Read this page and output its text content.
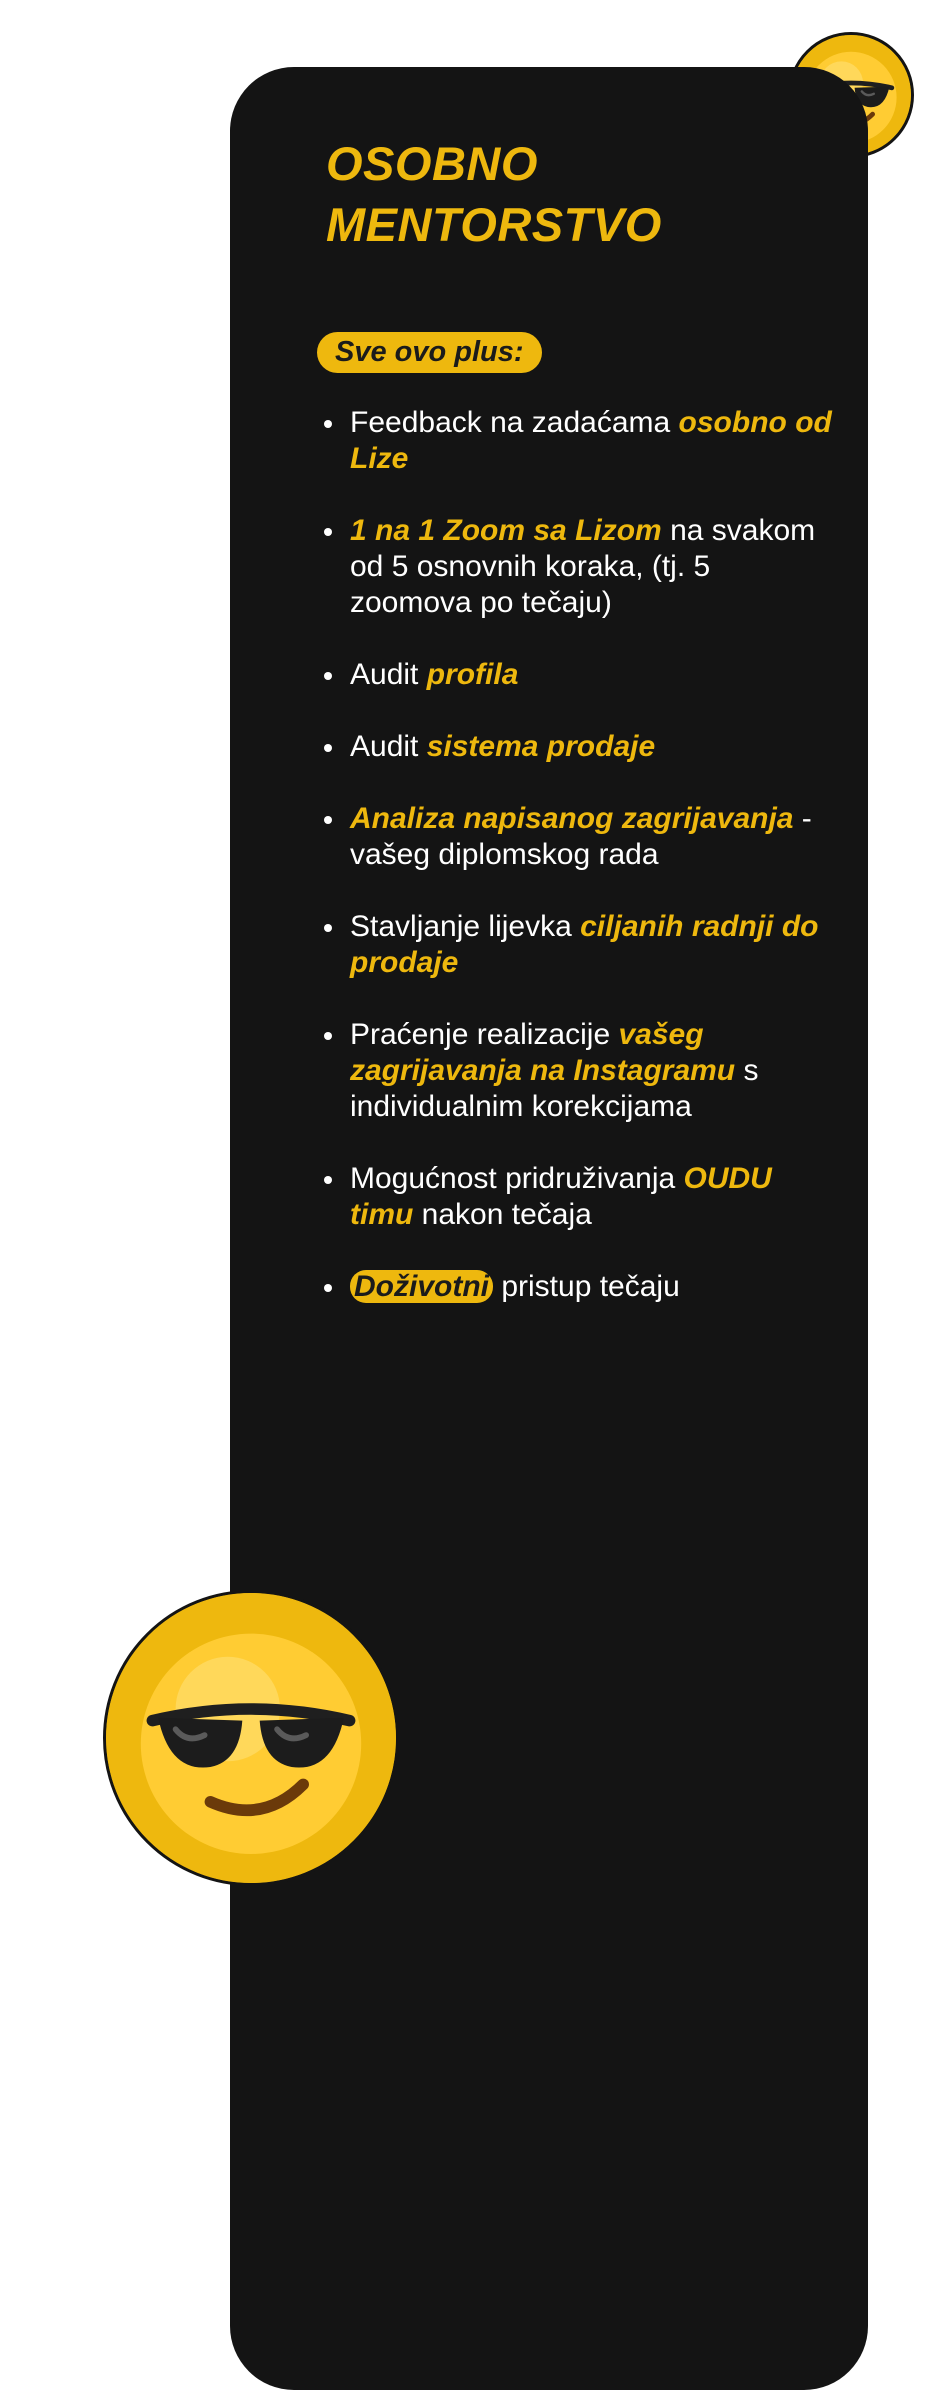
OSOBNO
MENTORSTVO
Sve ovo plus:
Feedback na zadaćama osobno od Lize
1 na 1 Zoom sa Lizom na svakom od 5 osnovnih koraka, (tj. 5 zoomova po tečaju)
Audit profila
Audit sistema prodaje
Analiza napisanog zagrijavanja - vašeg diplomskog rada
Stavljanje lijevka ciljanih radnji do prodaje
Praćenje realizacije vašeg zagrijavanja na Instagramu s individualnim korekcijama
Mogućnost pridruživanja OUDU timu nakon tečaja
Doživotni pristup tečaju
